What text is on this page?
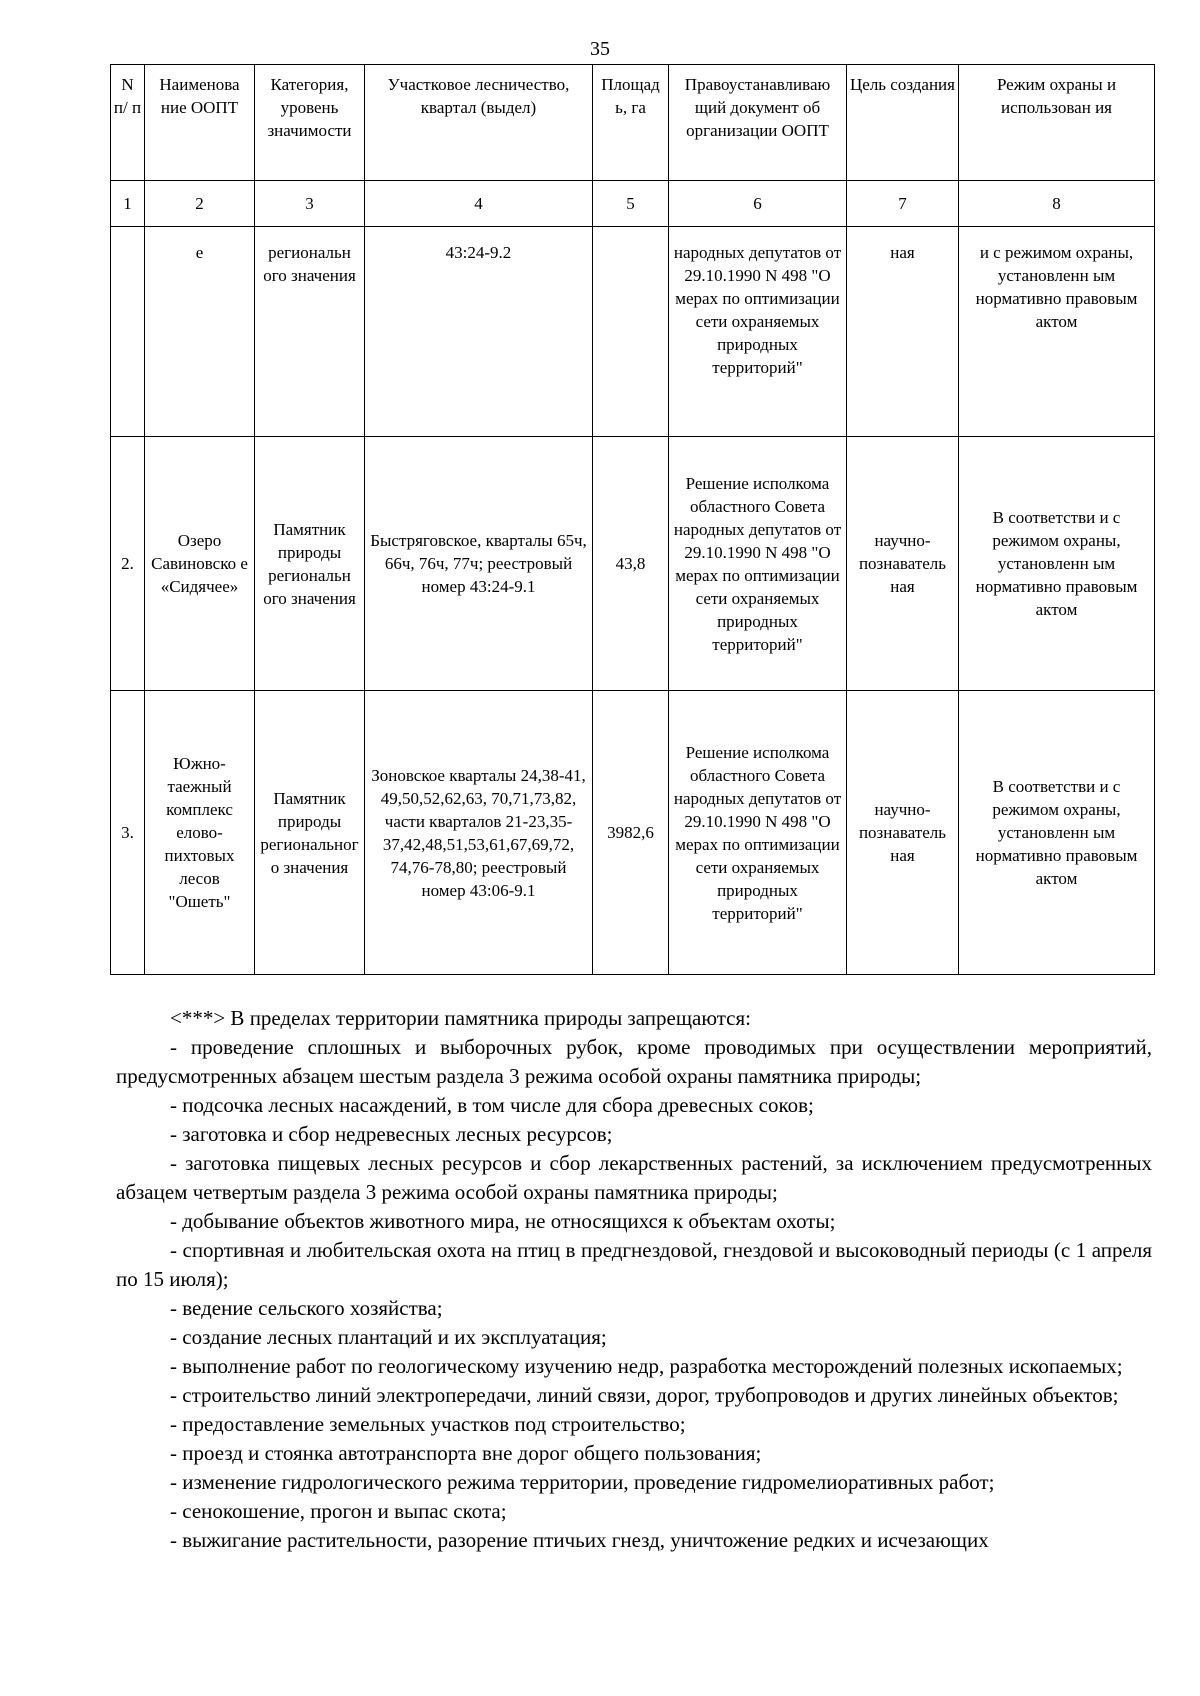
35
N п/ п	Наименова ние ООПТ	Категория, уровень значимости	Участковое лесничество, квартал (выдел)	Площад ь, га	Правоустанавливаю щий документ об организации ООПТ	Цель создания	Режим охраны и использован ия
1	2	3	4	5	6	7	8
	е	региональн ого значения	43:24-9.2		народных депутатов от 29.10.1990 N 498 "О мерах по оптимизации сети охраняемых природных территорий"	ная	и с режимом охраны, установленн ым нормативно правовым актом
2.	Озеро Савиновско е «Сидячее»	Памятник природы региональн ого значения	Быстряговское, кварталы 65ч, 66ч, 76ч, 77ч; реестровый номер 43:24-9.1	43,8	Решение исполкома областного Совета народных депутатов от 29.10.1990 N 498 "О мерах по оптимизации сети охраняемых природных территорий"	научно-познаватель ная	В соответстви и с режимом охраны, установленн ым нормативно правовым актом
3.	Южно-таежный комплекс елово-пихтовых лесов "Ошеть"	Памятник природы регионального значения	Зоновское кварталы 24,38-41, 49,50,52,62,63, 70,71,73,82, части кварталов 21-23,35-37,42,48,51,53,61,67,69,72, 74,76-78,80; реестровый номер 43:06-9.1	3982,6	Решение исполкома областного Совета народных депутатов от 29.10.1990 N 498 "О мерах по оптимизации сети охраняемых природных территорий"	научно-познаватель ная	В соответстви и с режимом охраны, установленн ым нормативно правовым актом

<***> В пределах территории памятника природы запрещаются:

- проведение сплошных и выборочных рубок, кроме проводимых при осуществлении мероприятий, предусмотренных абзацем шестым раздела 3 режима особой охраны памятника природы;

- подсочка лесных насаждений, в том числе для сбора древесных соков;

- заготовка и сбор недревесных лесных ресурсов;

- заготовка пищевых лесных ресурсов и сбор лекарственных растений, за исключением предусмотренных абзацем четвертым раздела 3 режима особой охраны памятника природы;

- добывание объектов животного мира, не относящихся к объектам охоты;

- спортивная и любительская охота на птиц в предгнездовой, гнездовой и высоководный периоды (с 1 апреля по 15 июля);

- ведение сельского хозяйства;

- создание лесных плантаций и их эксплуатация;

- выполнение работ по геологическому изучению недр, разработка месторождений полезных ископаемых;

- строительство линий электропередачи, линий связи, дорог, трубопроводов и других линейных объектов;

- предоставление земельных участков под строительство;

- проезд и стоянка автотранспорта вне дорог общего пользования;

- изменение гидрологического режима территории, проведение гидромелиоративных работ;

- сенокошение, прогон и выпас скота;

- выжигание растительности, разорение птичьих гнезд, уничтожение редких и исчезающих
